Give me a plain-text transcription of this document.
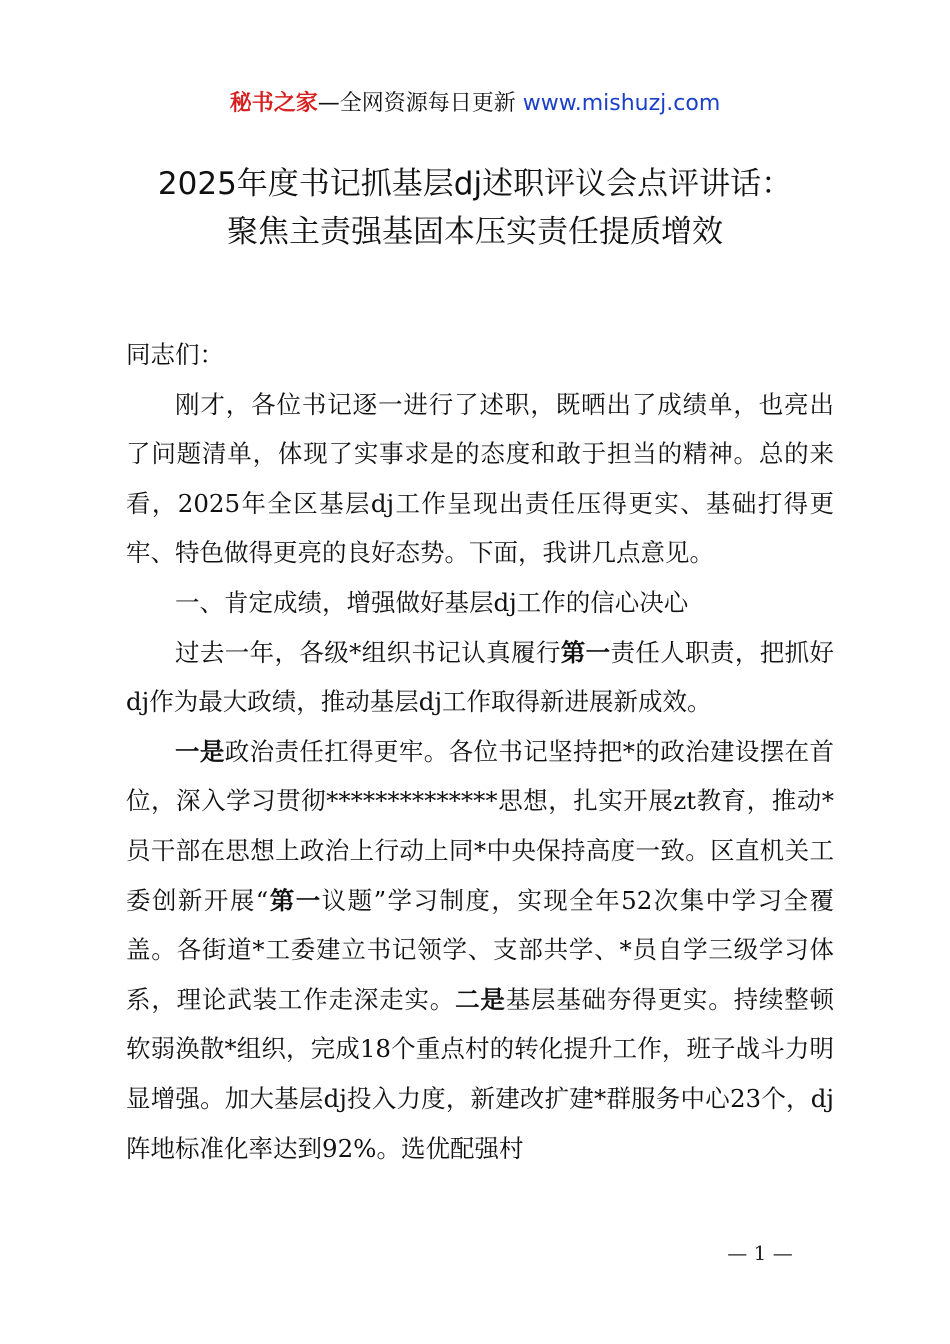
秘书之家—全网资源每日更新 www.mishuzj.com
2025年度书记抓基层dj述职评议会点评讲话：
聚焦主责强基固本压实责任提质增效

同志们：

刚才，各位书记逐一进行了述职，既晒出了成绩单，也亮出了问题清单，体现了实事求是的态度和敢于担当的精神。总的来看，2025年全区基层dj工作呈现出责任压得更实、基础打得更牢、特色做得更亮的良好态势。下面，我讲几点意见。

一、肯定成绩，增强做好基层dj工作的信心决心

过去一年，各级*组织书记认真履行第一责任人职责，把抓好dj作为最大政绩，推动基层dj工作取得新进展新成效。

一是政治责任扛得更牢。各位书记坚持把*的政治建设摆在首位，深入学习贯彻**************思想，扎实开展zt教育，推动*员干部在思想上政治上行动上同*中央保持高度一致。区直机关工委创新开展“第一议题”学习制度，实现全年52次集中学习全覆盖。各街道*工委建立书记领学、支部共学、*员自学三级学习体系，理论武装工作走深走实。二是基层基础夯得更实。持续整顿软弱涣散*组织，完成18个重点村的转化提升工作，班子战斗力明显增强。加大基层dj投入力度，新建改扩建*群服务中心23个，dj阵地标准化率达到92%。选优配强村

— 1 —
